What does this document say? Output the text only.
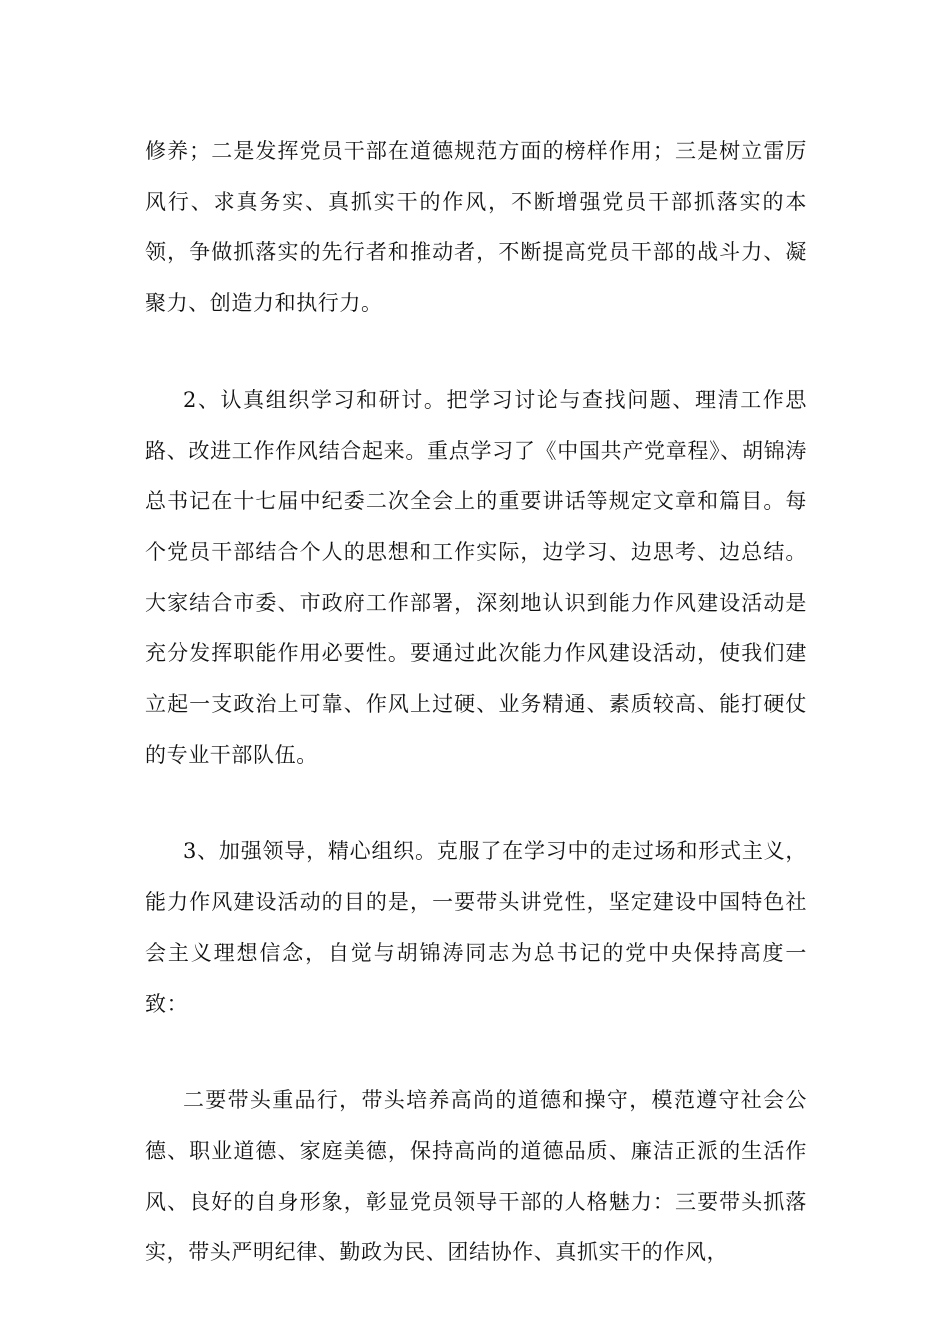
修养；二是发挥党员干部在道德规范方面的榜样作用；三是树立雷厉风行、求真务实、真抓实干的作风，不断增强党员干部抓落实的本领，争做抓落实的先行者和推动者，不断提高党员干部的战斗力、凝聚力、创造力和执行力。

2、认真组织学习和研讨。把学习讨论与查找问题、理清工作思路、改进工作作风结合起来。重点学习了《中国共产党章程》、胡锦涛总书记在十七届中纪委二次全会上的重要讲话等规定文章和篇目。每个党员干部结合个人的思想和工作实际，边学习、边思考、边总结。大家结合市委、市政府工作部署，深刻地认识到能力作风建设活动是充分发挥职能作用必要性。要通过此次能力作风建设活动，使我们建立起一支政治上可靠、作风上过硬、业务精通、素质较高、能打硬仗的专业干部队伍。

3、加强领导，精心组织。克服了在学习中的走过场和形式主义，能力作风建设活动的目的是，一要带头讲党性，坚定建设中国特色社会主义理想信念，自觉与胡锦涛同志为总书记的党中央保持高度一致：

二要带头重品行，带头培养高尚的道德和操守，模范遵守社会公德、职业道德、家庭美德，保持高尚的道德品质、廉洁正派的生活作风、良好的自身形象，彰显党员领导干部的人格魅力：三要带头抓落实，带头严明纪律、勤政为民、团结协作、真抓实干的作风，
